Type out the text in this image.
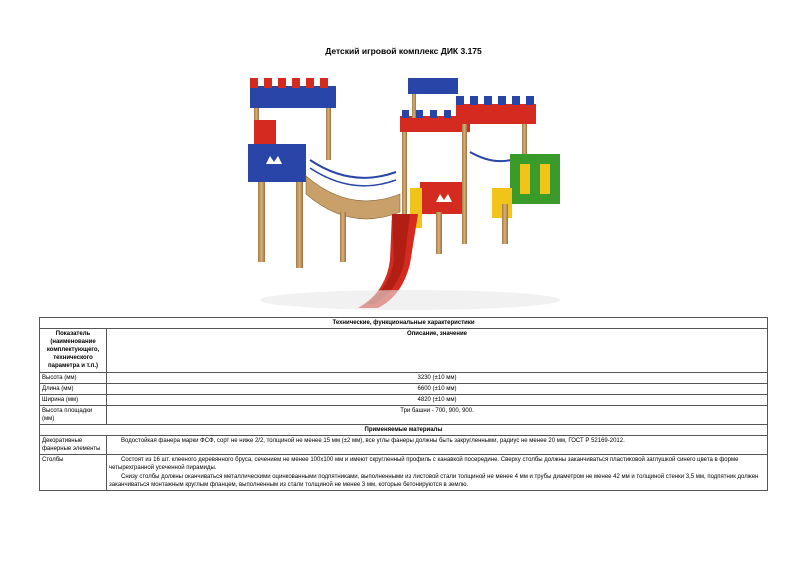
Детский игровой комплекс ДИК 3.175
Технические, функциональные характеристики	
Показатель (наименование комплектующего, технического параметра и т.п.)	Описание, значение
Высота (мм)	3230 (±10 мм)
Длина (мм)	6600 (±10 мм)
Ширина (мм)	4820 (±10 мм)
Высота площадки (мм)	Три башни - 700, 900, 900.
Применяемые материалы	
Декоративные фанерные элементы	Водостойкая фанера марки ФСФ, сорт не ниже 2/2, толщиной не менее 15 мм (±2 мм), все углы фанеры должны быть закругленными, радиус не менее 20 мм, ГОСТ Р 52169-2012.
Столбы	Состоят из 16 шт. клееного деревянного бруса, сечением не менее 100х100 мм и имеют скругленный профиль с канавкой посередине. Сверху столбы должны заканчиваться пластиковой заглушкой синего цвета в форме четырехгранной усеченной пирамиды.
Снизу столбы должны оканчиваться металлическими оцинкованными подпятниками, выполненными из листовой стали толщиной не менее 4 мм и трубы диаметром не менее 42 мм и толщиной стенки 3,5 мм, подпятник должен заканчиваться монтажным круглым фланцем, выполненным из стали толщиной не менее 3 мм, которые бетонируются в землю.
